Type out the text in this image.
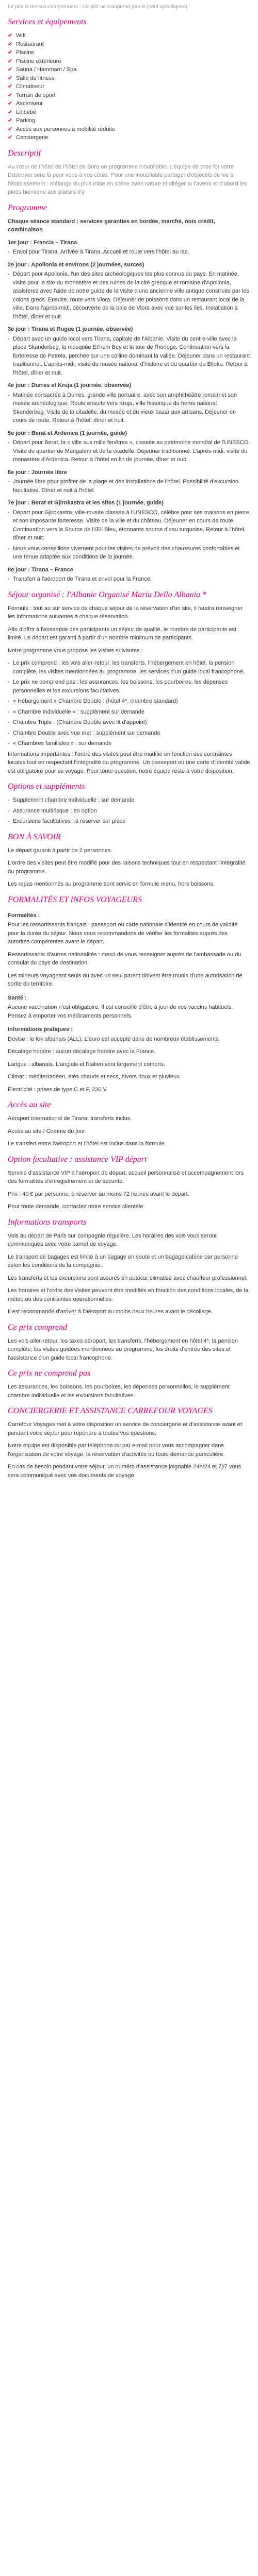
Le prix ci-dessus comprennent : Ce prix ne comprend pas le (sauf specifiques)

Services et équipements
✔ Wifi
✔ Restaurant
✔ Piscine
✔ Piscine extérieure
✔ Sauna / Hammam / Spa
✔ Salle de fitness
✔ Climatiseur
✔ Terrain de sport
✔ Ascenseur
✔ Lit bébé
✔ Parking
✔ Accès aux personnes à mobilité réduite
✔ Conciergerie
Descriptif

Au cœur de l'hôtel de l'hôtel de Bora un programme inoubliable. L'équipe de pros for votre Dastroyer sera là pour vous à vos côtés. Pour une inoubliable partager d'objectifs de vie à l'établissement : mélange du plus mise en scène avec nature et alléger tu l'avenir et d'abord les pieds bienvenu aux plaisirs d'y.

Programme

Chaque séance standard : services garanties en bordée, marché, noix crédit, combinaison

1er jour : Francia – Tirana

- Envol pour Tirana. Arrivée à Tirana. Accueil et route vers l'hôtel au lac.

2e jour : Apollonia et environs (2 journées, surces)

- Départ pour Apollonia, l'un des sites archéologiques les plus connus du pays. En matinée, visite pour le site du monastère et des ruines de la cité grecque et romaine d'Apollonia, assisterez avec l'aide de notre guide de la visite d'une ancienne ville antique construite par les colons grecs. Ensuite, route vers Vlora. Déjeuner de poissons dans un restaurant local de la ville. Dans l'après-midi, découverte de la baie de Vlora avec vue sur les îles. Installation à l'hôtel, dîner et nuit.

3e jour : Tirana et Rugue (1 journée, observée)

- Départ avec un guide local vers Tirana, capitale de l'Albanie. Visite du centre-ville avec la place Skanderbeg, la mosquée Et'hem Bey et la tour de l'horloge. Continuation vers la forteresse de Petrela, perchée sur une colline dominant la vallée. Déjeuner dans un restaurant traditionnel. L'après-midi, visite du musée national d'histoire et du quartier du Blloku. Retour à l'hôtel, dîner et nuit.

4e jour : Durres et Kruja (1 journée, observée)

- Matinée consacrée à Durres, grande ville portuaire, avec son amphithéâtre romain et son musée archéologique. Route ensuite vers Kruja, ville historique du héros national Skanderbeg. Visite de la citadelle, du musée et du vieux bazar aux artisans. Déjeuner en cours de route. Retour à l'hôtel, dîner et nuit.

5e jour : Berat et Ardenica (1 journée, guide)

- Départ pour Berat, la « ville aux mille fenêtres », classée au patrimoine mondial de l'UNESCO. Visite du quartier de Mangalem et de la citadelle. Déjeuner traditionnel. L'après-midi, visite du monastère d'Ardenica. Retour à l'hôtel en fin de journée, dîner et nuit.

6e jour : Journée libre

- Journée libre pour profiter de la plage et des installations de l'hôtel. Possibilité d'excursion facultative. Dîner et nuit à l'hôtel.

7e jour : Berat et Gjirokastra et les sites (1 journée, guide)

- Départ pour Gjirokastra, ville-musée classée à l'UNESCO, célèbre pour ses maisons en pierre et son imposante forteresse. Visite de la ville et du château. Déjeuner en cours de route. Continuation vers la Source de l'Œil Bleu, étonnante source d'eau turquoise. Retour à l'hôtel, dîner et nuit.

- Nous vous conseillons vivement pour les visites de prévoir des chaussures confortables et une tenue adaptée aux conditions de la journée.

8e jour : Tirana – France

- Transfert à l'aéroport de Tirana et envol pour la France.

Séjour organisé : l'Albanie Organisé Maria Dello Albania *

Formule : tout au sur service de chaque séjour de la réservation d'un site, il faudra renseigner les informations suivantes à chaque réservation.

Afin d'offrir à l'ensemble des participants un séjour de qualité, le nombre de participants est limité. Le départ est garanti à partir d'un nombre minimum de participants.

Notre programme vous propose les visites suivantes :

- Le prix comprend : les vols aller-retour, les transferts, l'hébergement en hôtel, la pension complète, les visites mentionnées au programme, les services d'un guide local francophone.

- Le prix ne comprend pas : les assurances, les boissons, les pourboires, les dépenses personnelles et les excursions facultatives.

- « Hébergement » Chambre Double : (hôtel 4*, chambre standard)

- « Chambre Individuelle » : supplément sur demande

- Chambre Triple : (Chambre Double avec lit d'appoint)

- Chambre Double avec vue mer : supplément sur demande

- « Chambres familiales » : sur demande

Informations importantes : l'ordre des visites peut être modifié en fonction des contraintes locales tout en respectant l'intégralité du programme. Un passeport ou une carte d'identité valide est obligatoire pour ce voyage. Pour toute question, notre équipe reste à votre disposition.

Options et suppléments

- Supplément chambre individuelle : sur demande

- Assurance multirisque : en option

- Excursions facultatives : à réserver sur place

BON À SAVOIR

Le départ garanti à partir de 2 personnes.

L'ordre des visites peut être modifié pour des raisons techniques tout en respectant l'intégralité du programme.

Les repas mentionnés au programme sont servis en formule menu, hors boissons.

FORMALITÉS ET INFOS VOYAGEURS
Formalités :

Pour les ressortissants français : passeport ou carte nationale d'identité en cours de validité pour la durée du séjour. Nous vous recommandons de vérifier les formalités auprès des autorités compétentes avant le départ.

Ressortissants d'autres nationalités : merci de vous renseigner auprès de l'ambassade ou du consulat du pays de destination.

Les mineurs voyageant seuls ou avec un seul parent doivent être munis d'une autorisation de sortie du territoire.

Santé :

Aucune vaccination n'est obligatoire. Il est conseillé d'être à jour de vos vaccins habituels. Pensez à emporter vos médicaments personnels.

Informations pratiques :

Devise : le lek albanais (ALL). L'euro est accepté dans de nombreux établissements.

Décalage horaire : aucun décalage horaire avec la France.

Langue : albanais. L'anglais et l'italien sont largement compris.

Climat : méditerranéen, étés chauds et secs, hivers doux et pluvieux.

Électricité : prises de type C et F, 230 V.

Accès au site

Aéroport international de Tirana, transferts inclus.

Accès au site / Comme du jour

Le transfert entre l'aéroport et l'hôtel est inclus dans la formule.

Option facultative : assistance VIP départ

Service d'assistance VIP à l'aéroport de départ, accueil personnalisé et accompagnement lors des formalités d'enregistrement et de sécurité.

Prix : 40 € par personne, à réserver au moins 72 heures avant le départ.

Pour toute demande, contactez notre service clientèle.

Informations transports

Vols au départ de Paris sur compagnie régulière. Les horaires des vols vous seront communiqués avec votre carnet de voyage.

Le transport de bagages est limité à un bagage en soute et un bagage cabine par personne selon les conditions de la compagnie.

Les transferts et les excursions sont assurés en autocar climatisé avec chauffeur professionnel.

Les horaires et l'ordre des visites peuvent être modifiés en fonction des conditions locales, de la météo ou des contraintes opérationnelles.

Il est recommandé d'arriver à l'aéroport au moins deux heures avant le décollage.

Ce prix comprend

Les vols aller-retour, les taxes aéroport, les transferts, l'hébergement en hôtel 4*, la pension complète, les visites guidées mentionnées au programme, les droits d'entrée des sites et l'assistance d'un guide local francophone.

Ce prix ne comprend pas

Les assurances, les boissons, les pourboires, les dépenses personnelles, le supplément chambre individuelle et les excursions facultatives.

CONCIERGERIE ET ASSISTANCE CARREFOUR VOYAGES

Carrefour Voyages met à votre disposition un service de conciergerie et d'assistance avant et pendant votre séjour pour répondre à toutes vos questions.

Notre équipe est disponible par téléphone ou par e-mail pour vous accompagner dans l'organisation de votre voyage, la réservation d'activités ou toute demande particulière.

En cas de besoin pendant votre séjour, un numéro d'assistance joignable 24h/24 et 7j/7 vous sera communiqué avec vos documents de voyage.
